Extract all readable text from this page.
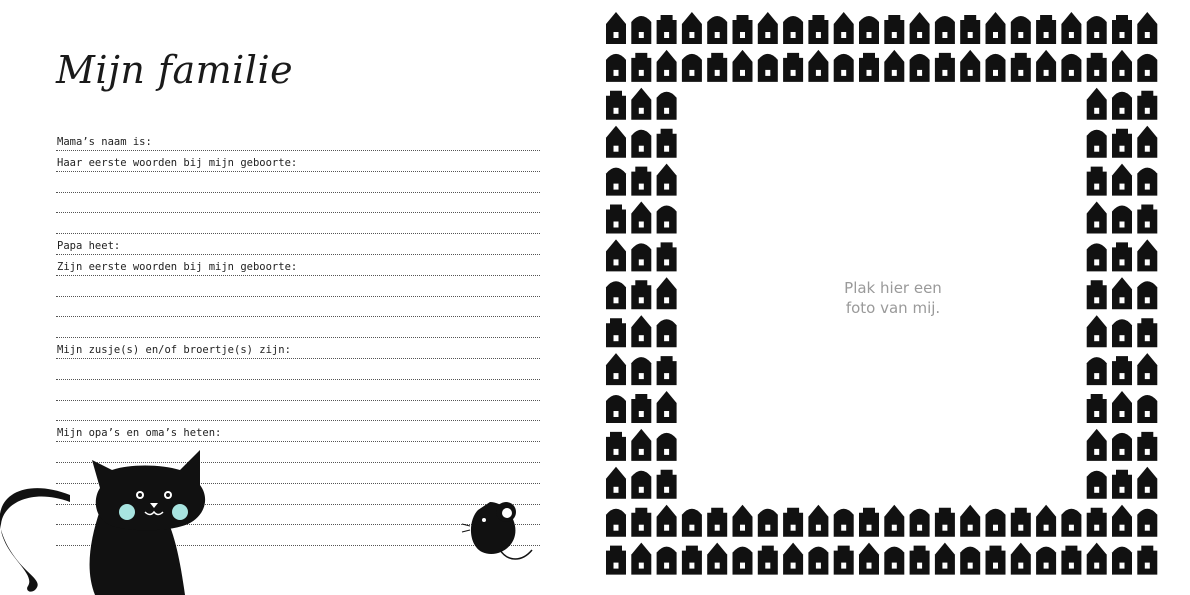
Mijn familie
Mama’s naam is:
Haar eerste woorden bij mijn geboorte:
Papa heet:
Zijn eerste woorden bij mijn geboorte:
Mijn zusje(s) en/of broertje(s) zijn:
Mijn opa’s en oma’s heten:
Plak hier een
foto van mij.
